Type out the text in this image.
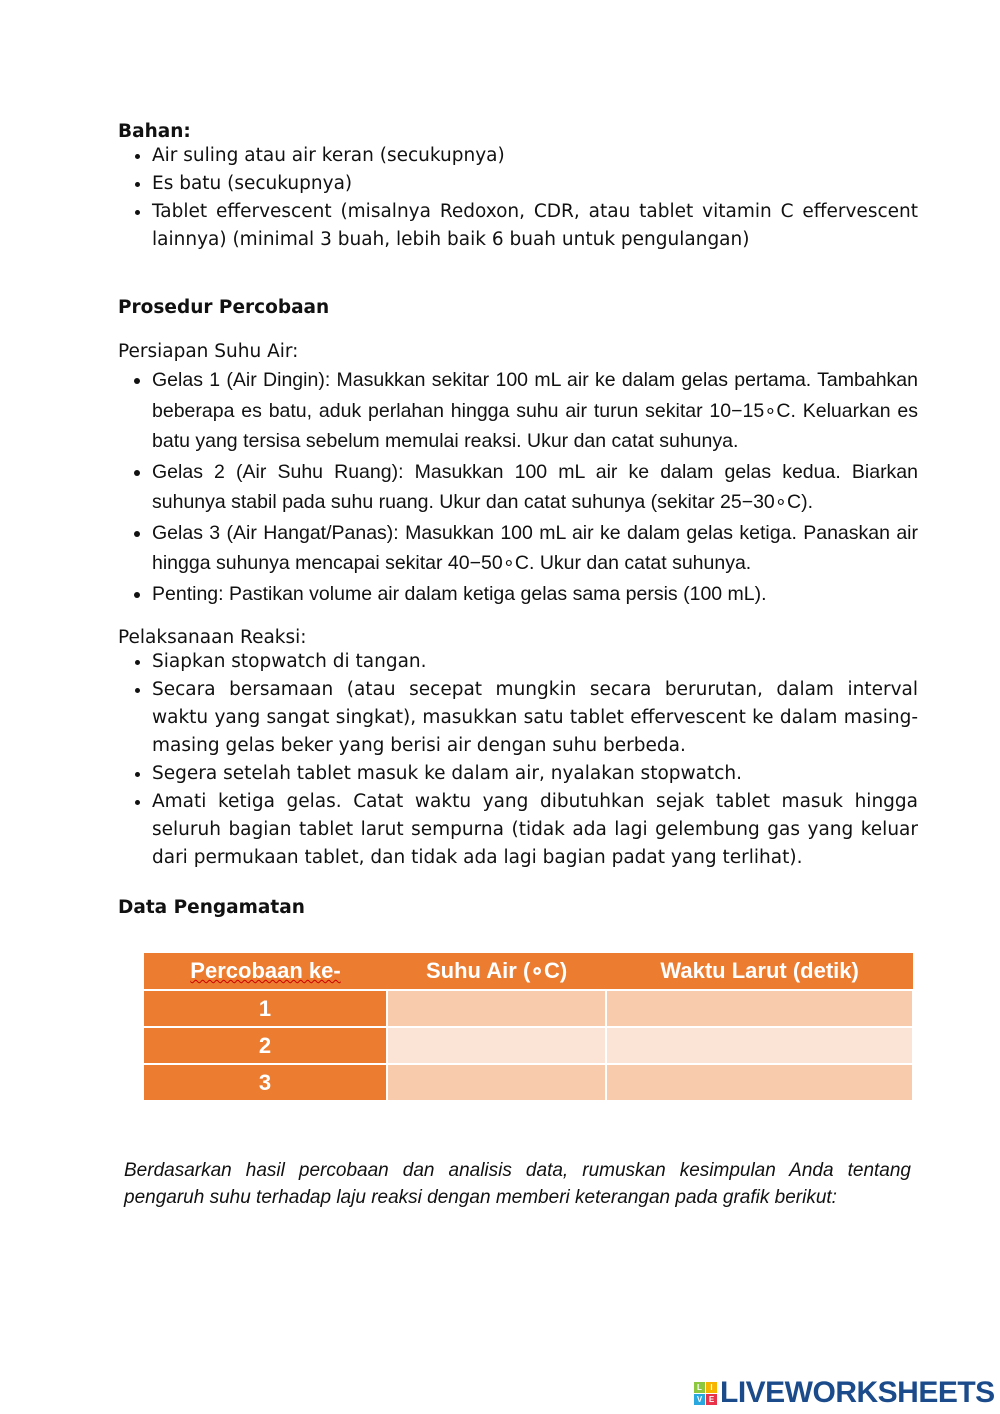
Bahan:
• Air suling atau air keran (secukupnya)
• Es batu (secukupnya)
• Tablet effervescent (misalnya Redoxon, CDR, atau tablet vitamin C effervescent lainnya) (minimal 3 buah, lebih baik 6 buah untuk pengulangan)
Prosedur Percobaan

Persiapan Suhu Air:

• Gelas 1 (Air Dingin): Masukkan sekitar 100 mL air ke dalam gelas pertama. Tambahkan beberapa es batu, aduk perlahan hingga suhu air turun sekitar 10−15∘C. Keluarkan es batu yang tersisa sebelum memulai reaksi. Ukur dan catat suhunya.
• Gelas 2 (Air Suhu Ruang): Masukkan 100 mL air ke dalam gelas kedua. Biarkan suhunya stabil pada suhu ruang. Ukur dan catat suhunya (sekitar 25−30∘C).
• Gelas 3 (Air Hangat/Panas): Masukkan 100 mL air ke dalam gelas ketiga. Panaskan air hingga suhunya mencapai sekitar 40−50∘C. Ukur dan catat suhunya.
• Penting: Pastikan volume air dalam ketiga gelas sama persis (100 mL).

Pelaksanaan Reaksi:

• Siapkan stopwatch di tangan.
• Secara bersamaan (atau secepat mungkin secara berurutan, dalam interval waktu yang sangat singkat), masukkan satu tablet effervescent ke dalam masing-masing gelas beker yang berisi air dengan suhu berbeda.
• Segera setelah tablet masuk ke dalam air, nyalakan stopwatch.
• Amati ketiga gelas. Catat waktu yang dibutuhkan sejak tablet masuk hingga seluruh bagian tablet larut sempurna (tidak ada lagi gelembung gas yang keluar dari permukaan tablet, dan tidak ada lagi bagian padat yang terlihat).
Data Pengamatan
Percobaan ke-	Suhu Air (∘C)	Waktu Larut (detik)
1		
2		
3		

Berdasarkan hasil percobaan dan analisis data, rumuskan kesimpulan Anda tentang pengaruh suhu terhadap laju reaksi dengan memberi keterangan pada grafik berikut:

L	I
V E LIVEWORKSHEETS
